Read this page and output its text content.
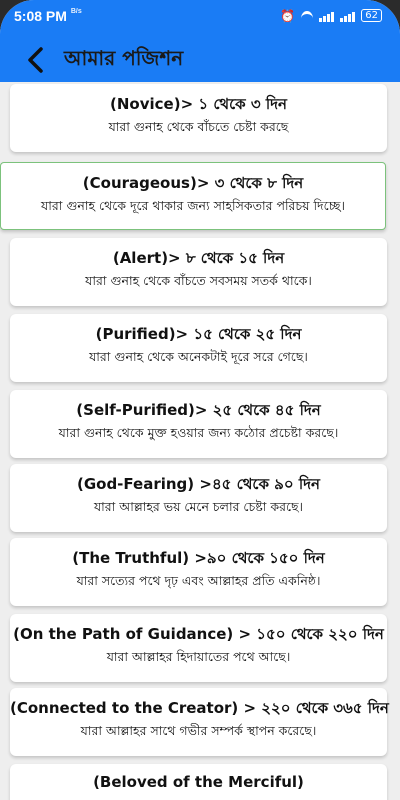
5:08 PM $^{B/s}$	⏰	62
আমার পজিশন
(Novice)> ১ থেকে ৩ দিন
যারা গুনাহ থেকে বাঁচতে চেষ্টা করছে
(Courageous)> ৩ থেকে ৮ দিন
যারা গুনাহ থেকে দূরে থাকার জন্য সাহসিকতার পরিচয় দিচ্ছে।
(Alert)> ৮ থেকে ১৫ দিন
যারা গুনাহ থেকে বাঁচতে সবসময় সতর্ক থাকে।
(Purified)> ১৫ থেকে ২৫ দিন
যারা গুনাহ থেকে অনেকটাই দূরে সরে গেছে।
(Self-Purified)> ২৫ থেকে ৪৫ দিন
যারা গুনাহ থেকে মুক্ত হওয়ার জন্য কঠোর প্রচেষ্টা করছে।
(God-Fearing) >৪৫ থেকে ৯০ দিন
যারা আল্লাহর ভয় মেনে চলার চেষ্টা করছে।
(The Truthful) >৯০ থেকে ১৫০ দিন
যারা সত্যের পথে দৃঢ় এবং আল্লাহর প্রতি একনিষ্ঠ।
(On the Path of Guidance) > ১৫০ থেকে ২২০ দিন
যারা আল্লাহর হিদায়াতের পথে আছে।
(Connected to the Creator) > ২২০ থেকে ৩৬৫ দিন
যারা আল্লাহর সাথে গভীর সম্পর্ক স্থাপন করেছে।
(Beloved of the Merciful)
